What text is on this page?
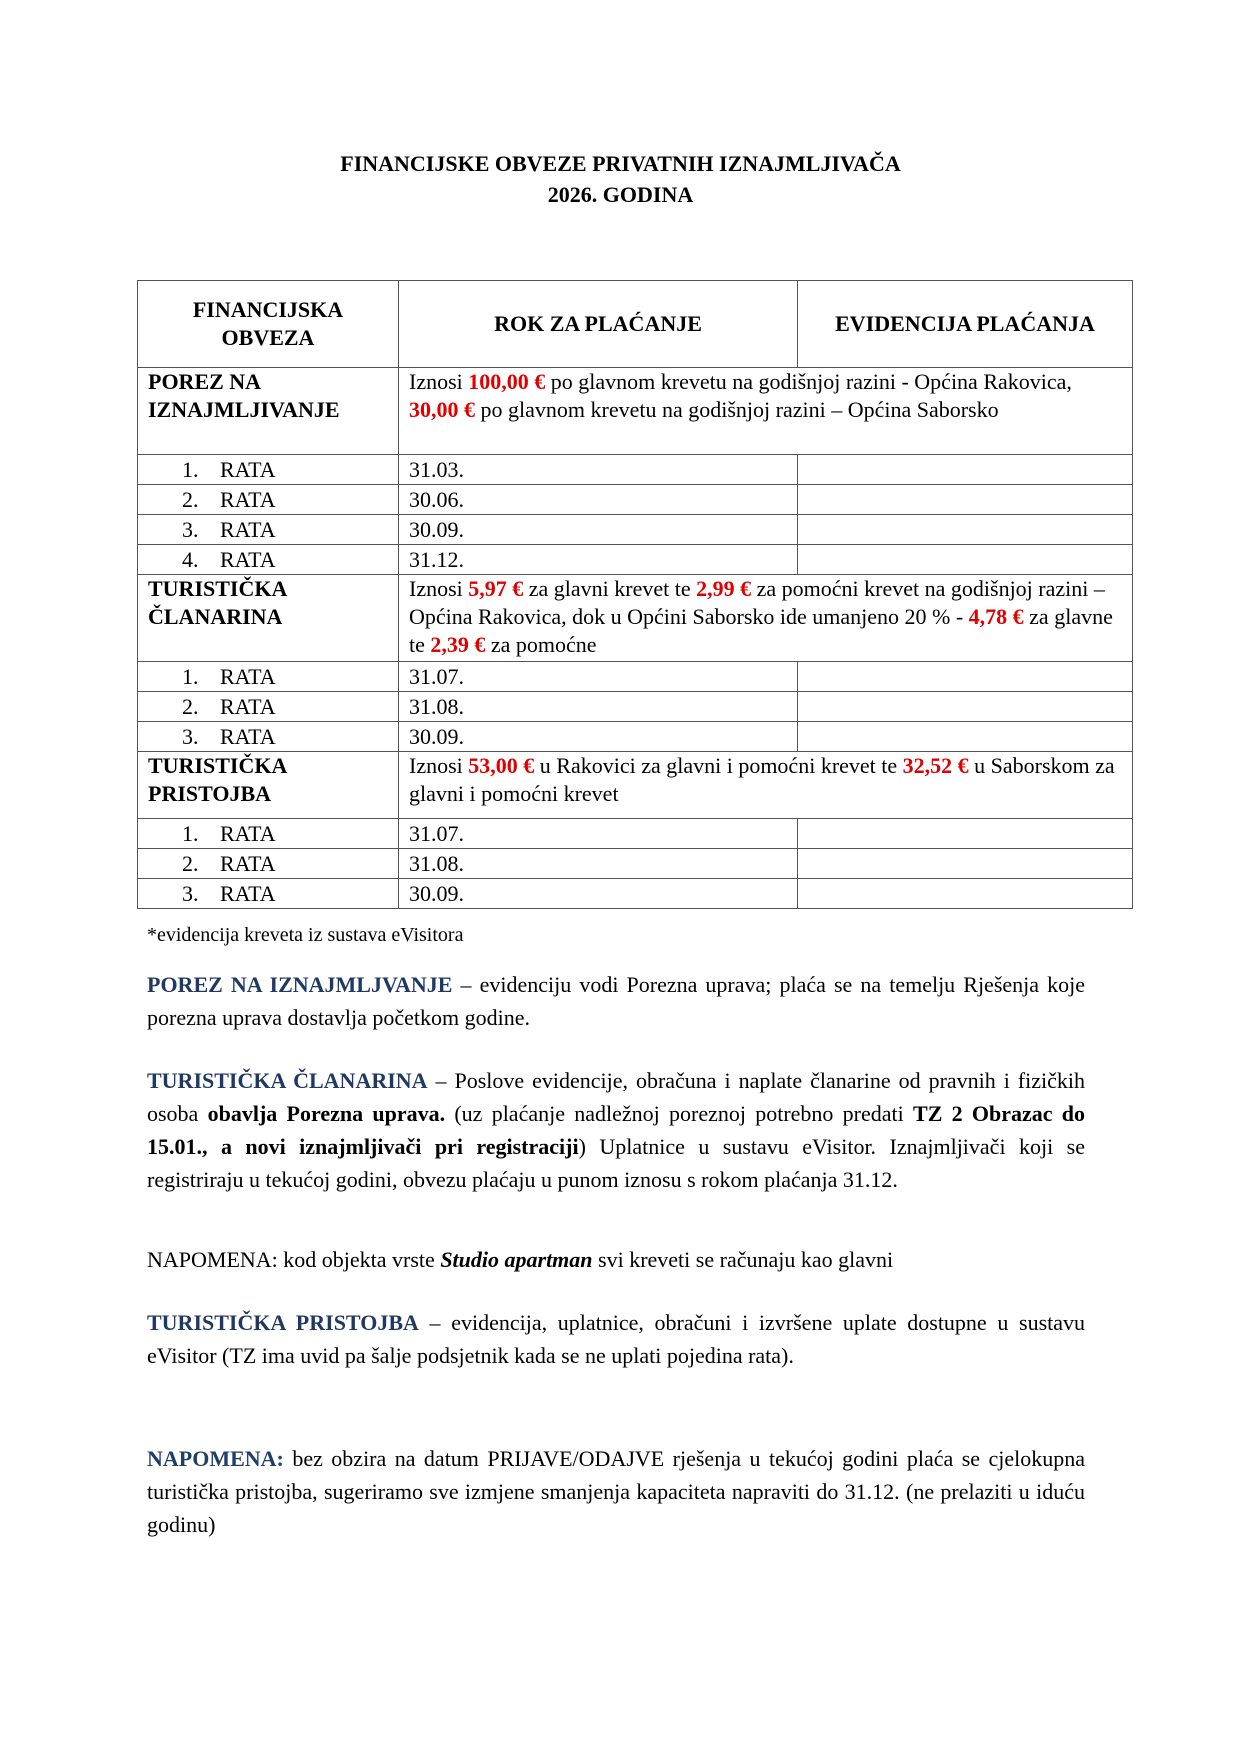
FINANCIJSKE OBVEZE PRIVATNIH IZNAJMLJIVAČA
2026. GODINA
FINANCIJSKA OBVEZA	ROK ZA PLAĆANJE	EVIDENCIJA PLAĆANJA
POREZ NA IZNAJMLJIVANJE	Iznosi 100,00 € po glavnom krevetu na godišnjoj razini - Općina Rakovica, 30,00 € po glavnom krevetu na godišnjoj razini – Općina Saborsko	
1. RATA	31.03.	
2. RATA	30.06.	
3. RATA	30.09.	
4. RATA	31.12.	
TURISTIČKA ČLANARINA	Iznosi 5,97 € za glavni krevet te 2,99 € za pomoćni krevet na godišnjoj razini – Općina Rakovica, dok u Općini Saborsko ide umanjeno 20 % - 4,78 € za glavne te 2,39 € za pomoćne	
1. RATA	31.07.	
2. RATA	31.08.	
3. RATA	30.09.	
TURISTIČKA PRISTOJBA	Iznosi 53,00 € u Rakovici za glavni i pomoćni krevet te 32,52 € u Saborskom za glavni i pomoćni krevet	
1. RATA	31.07.	
2. RATA	31.08.	
3. RATA	30.09.	
*evidencija kreveta iz sustava eVisitora
POREZ NA IZNAJMLJVANJE – evidenciju vodi Porezna uprava; plaća se na temelju Rješenja koje porezna uprava dostavlja početkom godine.
TURISTIČKA ČLANARINA – Poslove evidencije, obračuna i naplate članarine od pravnih i fizičkih osoba obavlja Porezna uprava. (uz plaćanje nadležnoj poreznoj potrebno predati TZ 2 Obrazac do 15.01., a novi iznajmljivači pri registraciji) Uplatnice u sustavu eVisitor. Iznajmljivači koji se registriraju u tekućoj godini, obvezu plaćaju u punom iznosu s rokom plaćanja 31.12.
NAPOMENA: kod objekta vrste Studio apartman svi kreveti se računaju kao glavni
TURISTIČKA PRISTOJBA – evidencija, uplatnice, obračuni i izvršene uplate dostupne u sustavu eVisitor (TZ ima uvid pa šalje podsjetnik kada se ne uplati pojedina rata).
NAPOMENA: bez obzira na datum PRIJAVE/ODAJVE rješenja u tekućoj godini plaća se cjelokupna turistička pristojba, sugeriramo sve izmjene smanjenja kapaciteta napraviti do 31.12. (ne prelaziti u iduću godinu)
